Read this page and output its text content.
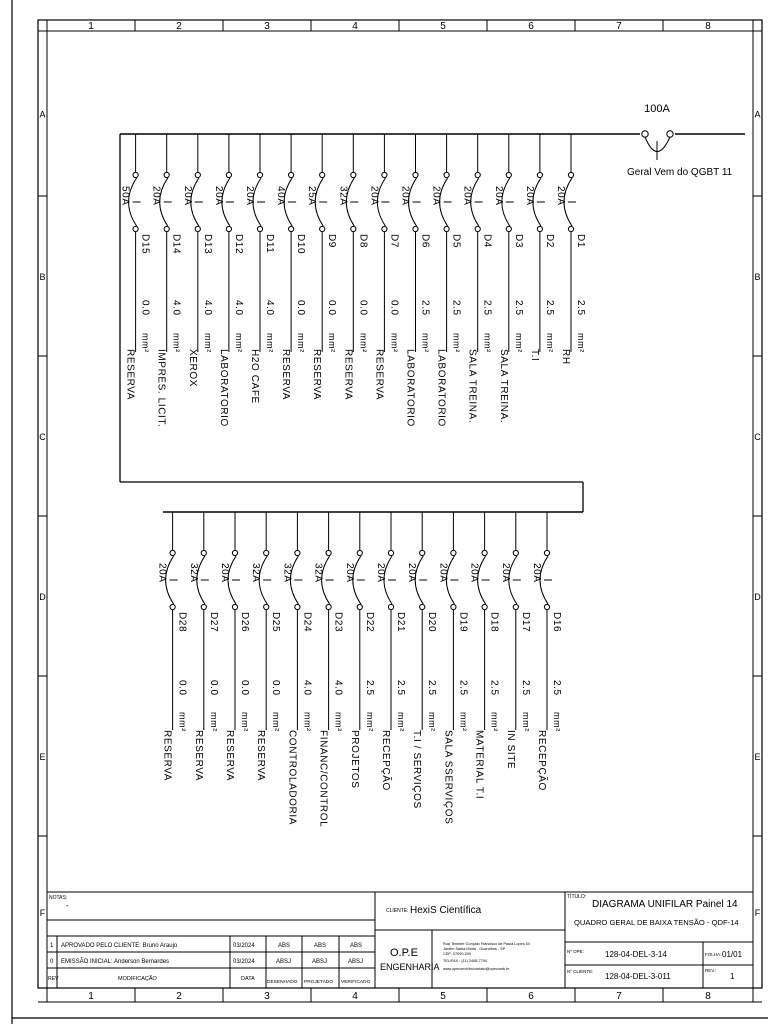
1
1
2
2
3
3
4
4
5
5
6
6
7
7
8
8
A	A
B	B
C	C
D	D
E	E
F	F
100A
Geral Vem do QGBT 11
20A
D1
2.5
mm²
RH
20A
D2
2.5
mm²
T.I
20A
D3
2.5
mm²
SALA TREINA.
20A
D4
2.5
mm²
SALA TREINA.
20A
D5
2.5
mm²
LABORATORIO
20A
D6
2.5
mm²
LABORATORIO
20A
D7
0.0
mm²
RESERVA
32A
D8
0.0
mm²
RESERVA
25A
D9
0.0
mm²
RESERVA
40A
D10
0.0
mm²
RESERVA
20A
D11
4.0
mm²
H2O CAFE
20A
D12
4.0
mm²
LABORATORIO
20A
D13
4.0
mm²
XEROX
20A
D14
4.0
mm²
IMPRES. LICIT.
50A
D15
0.0
mm²
RESERVA
20A
D16
2.5
mm²
RECEPÇÃO
20A
D17
2.5
mm²
IN SITE
20A
D18
2.5
mm²
MATERIAL T.I
20A
D19
2.5
mm²
SALA SSERVIÇOS
20A
D20
2.5
mm²
T.I / SERVIÇOS
20A
D21
2.5
mm²
RECEPÇÃO
20A
D22
2.5
mm²
PROJETOS
32A
D23
4.0
mm²
FINANC/CONTROL
32A
D24
4.0
mm²
CONTROLADORIA
32A
D25
0.0
mm²
RESERVA
20A
D26
0.0
mm²
RESERVA
32A
D27
0.0
mm²
RESERVA
20A
D28
0.0
mm²
RESERVA
NOTAS:
-
1 APROVADO PELO CLIENTE: Bruno Araujo	03/2024	ABS	ABS	ABS
0 EMISSÃO INICIAL: Anderson Bernardes	03/2024	ABSJ	ABSJ	ABSJ
REV	MODIFICAÇÃO	DATA
DESENHADO PROJETADO VERIFICADO
CLIENTE: HexiS Científica
O.P.E
ENGENHARIA
Rua Tenente Gonçalo Francisco de Paula Lopes 54
Jardim Santa Maria - Guarulhos - SP
CEP: 07090-200
TEL/FAX.: (11) 2408-7704
www.opecomb/br/contato@opecomb.br
TÍTULO:
DIAGRAMA UNIFILAR Painel 14
QUADRO GERAL DE BAIXA TENSÃO - QDF-14
Nº OPE:	128-04-DEL-3-14	FOLHA: 01/01
Nº CLIENTE:
128-04-DEL-3-011
REV.:
1
